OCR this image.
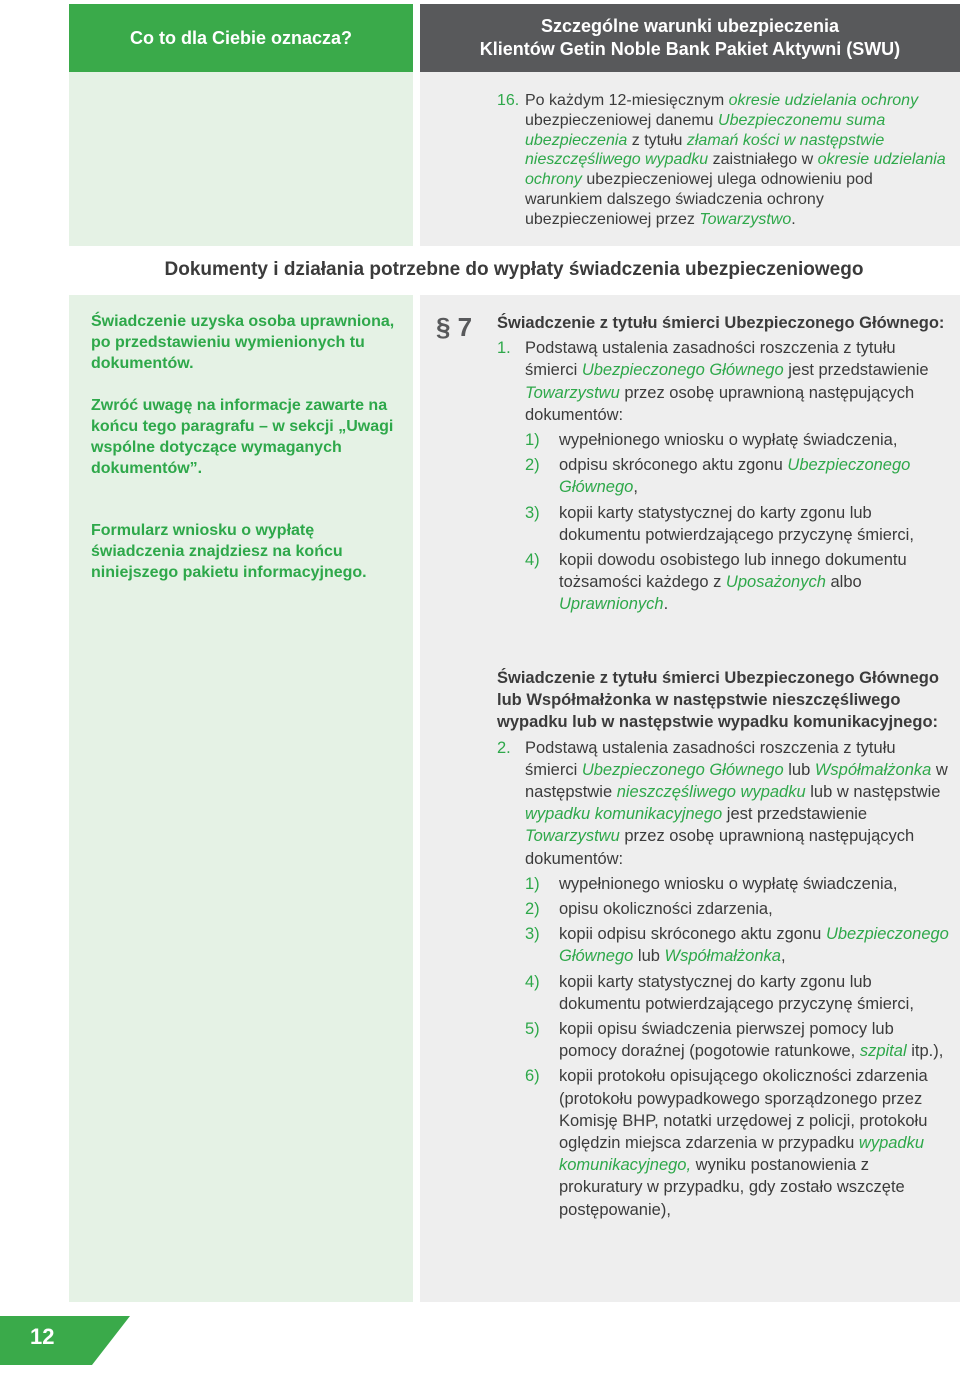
Co to dla Ciebie oznacza?
Szczególne warunki ubezpieczenia
Klientów Getin Noble Bank Pakiet Aktywni (SWU)
16. Po każdym 12-miesięcznym okresie udzielania ochrony ubezpieczeniowej danemu Ubezpieczonemu suma ubezpieczenia z tytułu złamań kości w następstwie nieszczęśliwego wypadku zaistniałego w okresie udzielania ochrony ubezpieczeniowej ulega odnowieniu pod warunkiem dalszego świadczenia ochrony ubezpieczeniowej przez Towarzystwo.
Dokumenty i działania potrzebne do wypłaty świadczenia ubezpieczeniowego
Świadczenie uzyska osoba uprawniona, po przedstawieniu wymienionych tu dokumentów.
Zwróć uwagę na informacje zawarte na końcu tego paragrafu – w sekcji „Uwagi wspólne dotyczące wymaganych dokumentów”.
Formularz wniosku o wypłatę świadczenia znajdziesz na końcu niniejszego pakietu informacyjnego.
§ 7 Świadczenie z tytułu śmierci Ubezpieczonego Głównego:
1. Podstawą ustalenia zasadności roszczenia z tytułu śmierci Ubezpieczonego Głównego jest przedstawienie Towarzystwu przez osobę uprawnioną następujących dokumentów:
1) wypełnionego wniosku o wypłatę świadczenia,
2) odpisu skróconego aktu zgonu Ubezpieczonego Głównego,
3) kopii karty statystycznej do karty zgonu lub dokumentu potwierdzającego przyczynę śmierci,
4) kopii dowodu osobistego lub innego dokumentu tożsamości każdego z Uposażonych albo Uprawnionych.
Świadczenie z tytułu śmierci Ubezpieczonego Głównego lub Współmałżonka w następstwie nieszczęśliwego wypadku lub w następstwie wypadku komunikacyjnego:
2. Podstawą ustalenia zasadności roszczenia z tytułu śmierci Ubezpieczonego Głównego lub Współmałżonka w następstwie nieszczęśliwego wypadku lub w następstwie wypadku komunikacyjnego jest przedstawienie Towarzystwu przez osobę uprawnioną następujących dokumentów:
1) wypełnionego wniosku o wypłatę świadczenia,
2) opisu okoliczności zdarzenia,
3) kopii odpisu skróconego aktu zgonu Ubezpieczonego Głównego lub Współmałżonka,
4) kopii karty statystycznej do karty zgonu lub dokumentu potwierdzającego przyczynę śmierci,
5) kopii opisu świadczenia pierwszej pomocy lub pomocy doraźnej (pogotowie ratunkowe, szpital itp.),
6) kopii protokołu opisującego okoliczności zdarzenia (protokołu powypadkowego sporządzonego przez Komisję BHP, notatki urzędowej z policji, protokołu oględzin miejsca zdarzenia w przypadku wypadku komunikacyjnego, wyniku postanowienia z prokuratury w przypadku, gdy zostało wszczęte postępowanie),
12
